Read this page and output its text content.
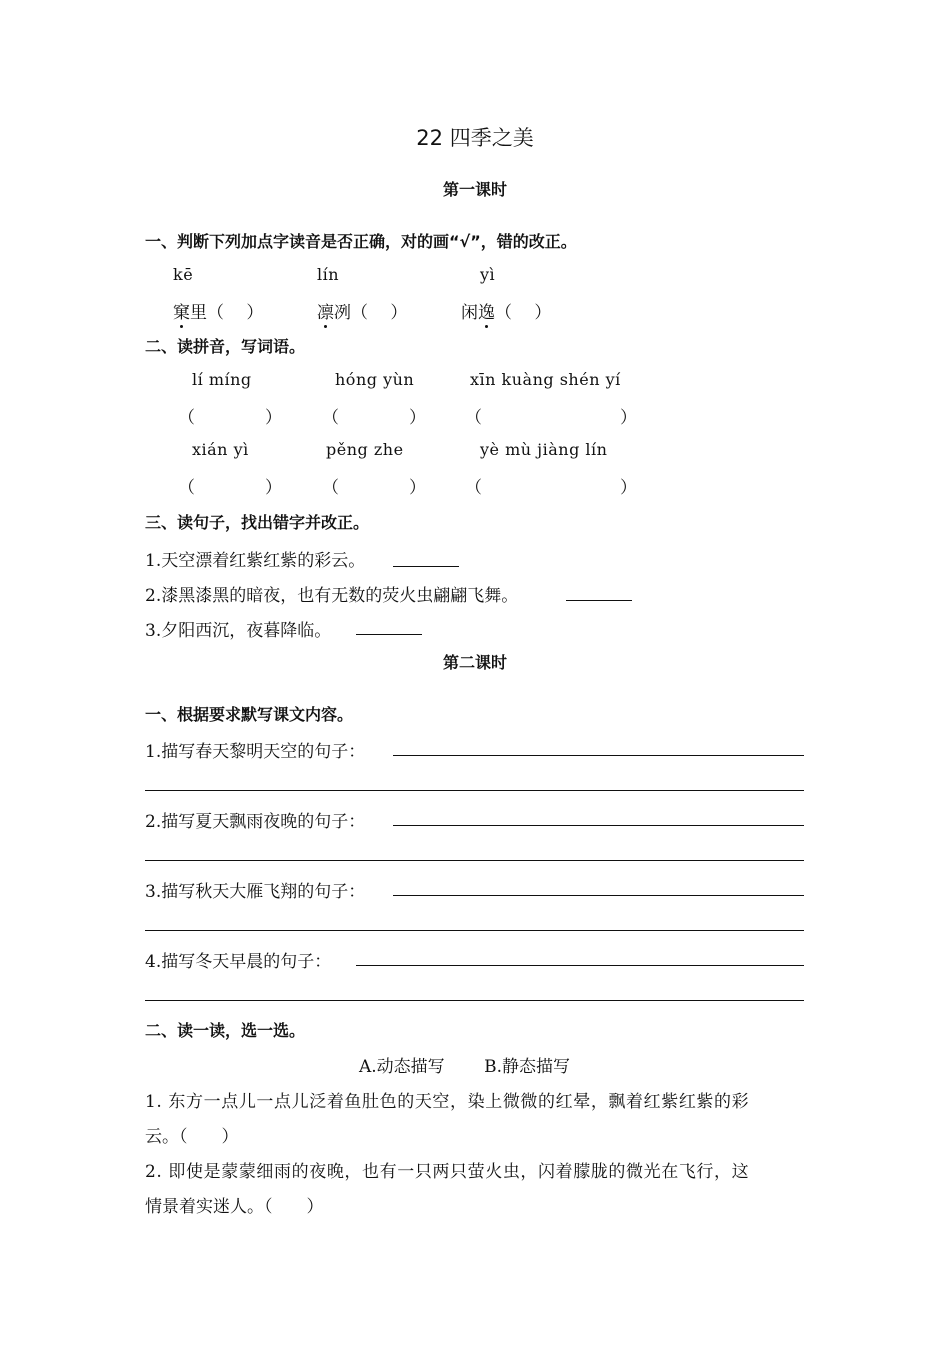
22 四季之美
第一课时
一、判断下列加点字读音是否正确，对的画“√”，错的改正。
kē	lín	yì
窠里（　 ）	凛冽（　 ）	闲逸（　 ）
二、读拼音，写词语。
lí míng	hóng yùn	xīn kuàng shén yí
（	） （	） （	）
xián yì	pěng zhe	yè mù jiàng lín
（	） （	） （	）
三、读句子，找出错字并改正。
1.天空漂着红紫红紫的彩云。
2.漆黑漆黑的暗夜，也有无数的荧火虫翩翩飞舞。
3.夕阳西沉，夜暮降临。
第二课时
一、根据要求默写课文内容。
1.描写春天黎明天空的句子：
2.描写夏天飘雨夜晚的句子：
3.描写秋天大雁飞翔的句子：
4.描写冬天早晨的句子：
二、读一读，选一选。
A.动态描写　　 B.静态描写
1. 东方一点儿一点儿泛着鱼肚色的天空，染上微微的红晕，飘着红紫红紫的彩
云。（　　）
2. 即使是蒙蒙细雨的夜晚，也有一只两只萤火虫，闪着朦胧的微光在飞行，这
情景着实迷人。（　　）
